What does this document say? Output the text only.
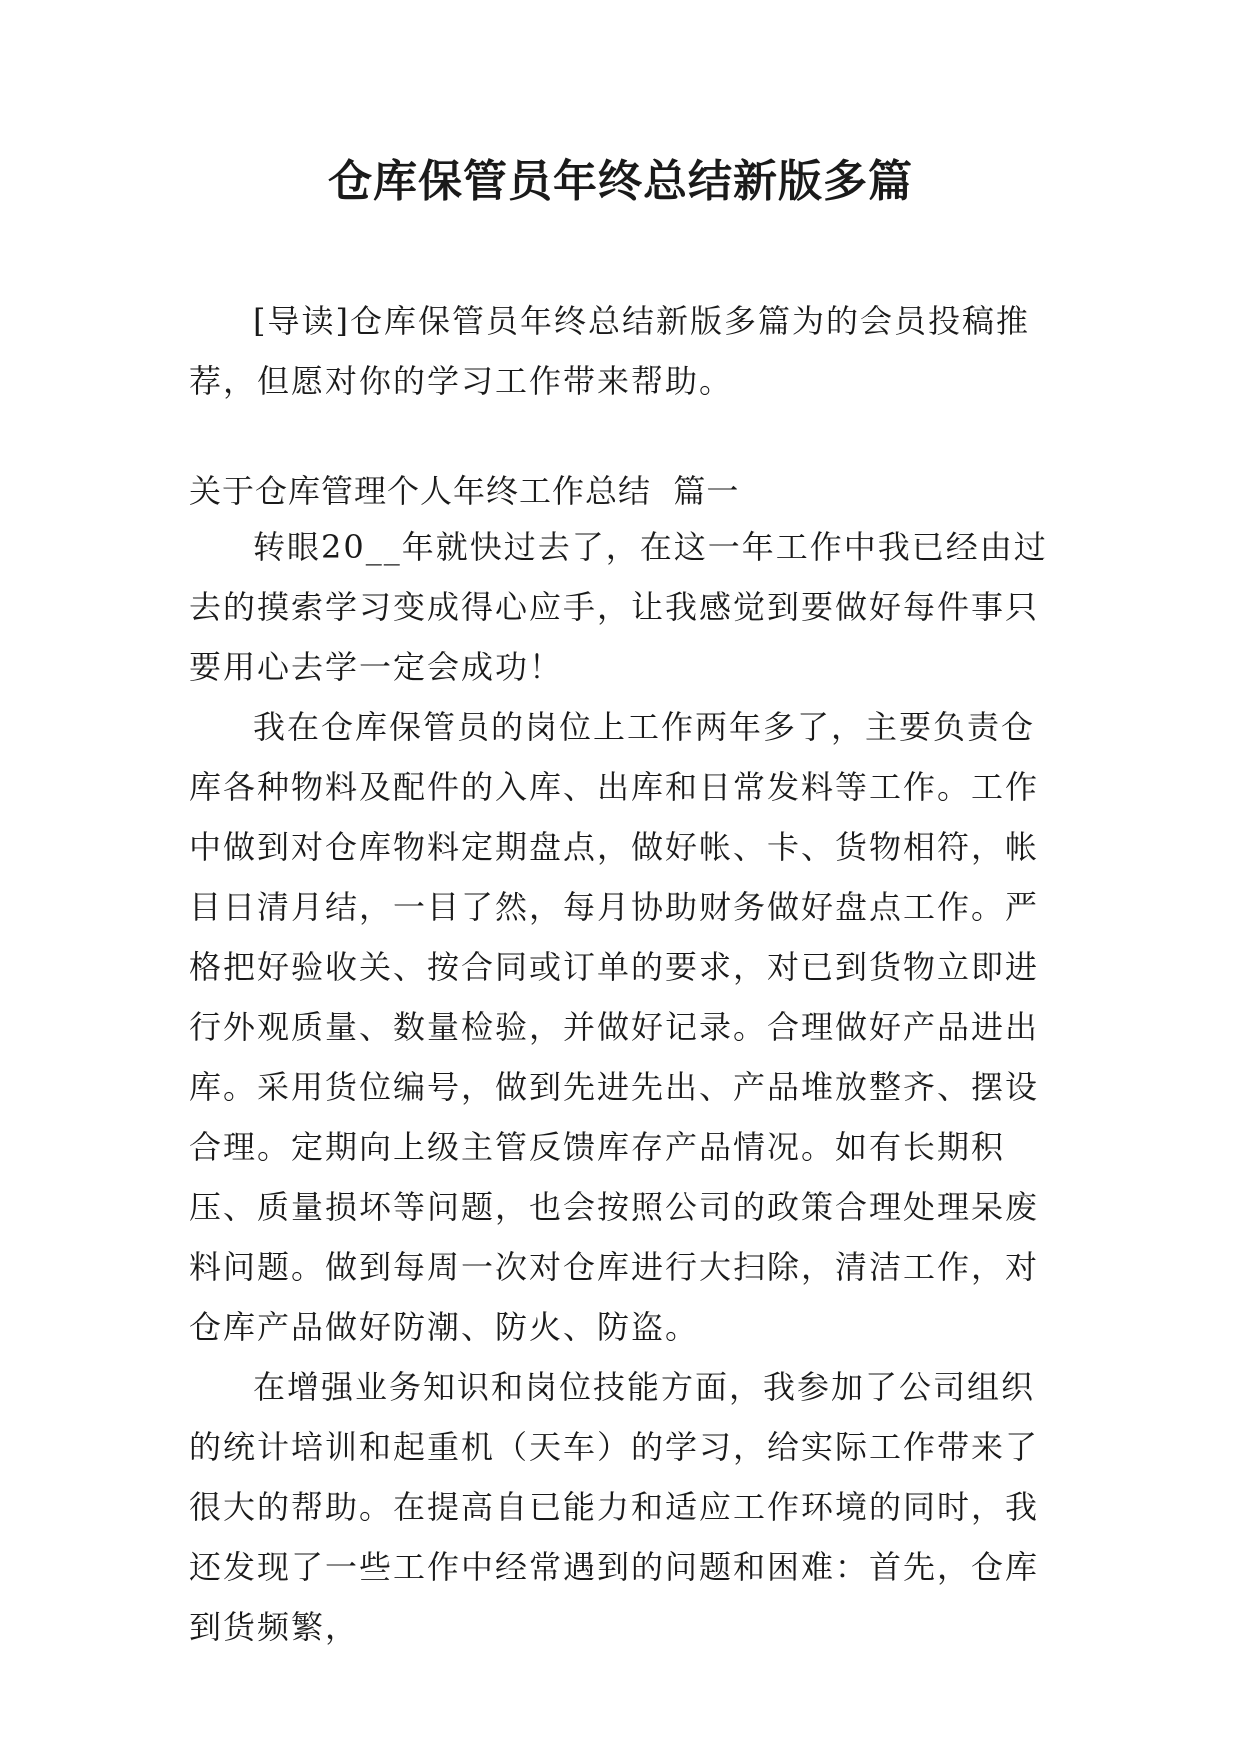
仓库保管员年终总结新版多篇

[导读]仓库保管员年终总结新版多篇为的会员投稿推荐，但愿对你的学习工作带来帮助。

关于仓库管理个人年终工作总结  篇一

转眼20__年就快过去了，在这一年工作中我已经由过去的摸索学习变成得心应手，让我感觉到要做好每件事只要用心去学一定会成功！

我在仓库保管员的岗位上工作两年多了，主要负责仓库各种物料及配件的入库、出库和日常发料等工作。工作中做到对仓库物料定期盘点，做好帐、卡、货物相符，帐目日清月结，一目了然，每月协助财务做好盘点工作。严格把好验收关、按合同或订单的要求，对已到货物立即进行外观质量、数量检验，并做好记录。合理做好产品进出库。采用货位编号，做到先进先出、产品堆放整齐、摆设合理。定期向上级主管反馈库存产品情况。如有长期积压、质量损坏等问题，也会按照公司的政策合理处理呆废料问题。做到每周一次对仓库进行大扫除，清洁工作，对仓库产品做好防潮、防火、防盗。

在增强业务知识和岗位技能方面，我参加了公司组织的统计培训和起重机（天车）的学习，给实际工作带来了很大的帮助。在提高自已能力和适应工作环境的同时，我还发现了一些工作中经常遇到的问题和困难：首先，仓库到货频繁，
